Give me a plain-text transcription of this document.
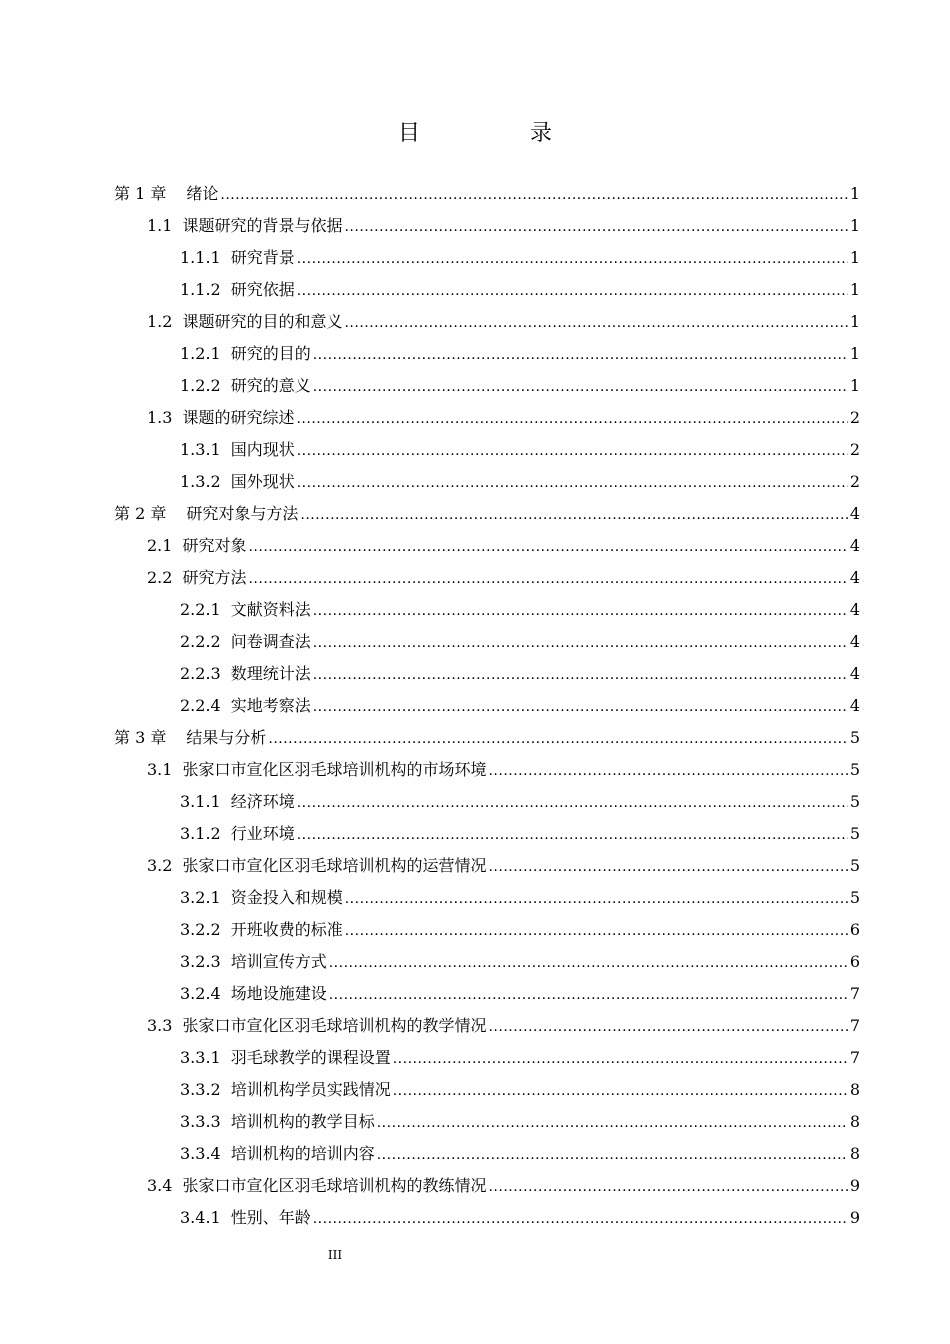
目　录
第 1 章 绪论 .....	1
1.1 课题研究的背景与依据 .....	1
1.1.1 研究背景 .....	1
1.1.2 研究依据 .....	1
1.2 课题研究的目的和意义 .....	1
1.2.1 研究的目的 .....	1
1.2.2 研究的意义 .....	1
1.3 课题的研究综述 .....	2
1.3.1 国内现状 .....	2
1.3.2 国外现状 .....	2
第 2 章 研究对象与方法 .....	4
2.1 研究对象 .....	4
2.2 研究方法 .....	4
2.2.1 文献资料法 .....	4
2.2.2 问卷调查法 .....	4
2.2.3 数理统计法 .....	4
2.2.4 实地考察法 .....	4
第 3 章 结果与分析 .....	5
3.1 张家口市宣化区羽毛球培训机构的市场环境 .....	5
3.1.1 经济环境 .....	5
3.1.2 行业环境 .....	5
3.2 张家口市宣化区羽毛球培训机构的运营情况 .....	5
3.2.1 资金投入和规模 .....	5
3.2.2 开班收费的标准 .....	6
3.2.3 培训宣传方式 .....	6
3.2.4 场地设施建设 .....	7
3.3 张家口市宣化区羽毛球培训机构的教学情况 .....	7
3.3.1 羽毛球教学的课程设置 .....	7
3.3.2 培训机构学员实践情况 .....	8
3.3.3 培训机构的教学目标 .....	8
3.3.4 培训机构的培训内容 .....	8
3.4 张家口市宣化区羽毛球培训机构的教练情况 .....	9
3.4.1 性别、年龄 .....	9
III
